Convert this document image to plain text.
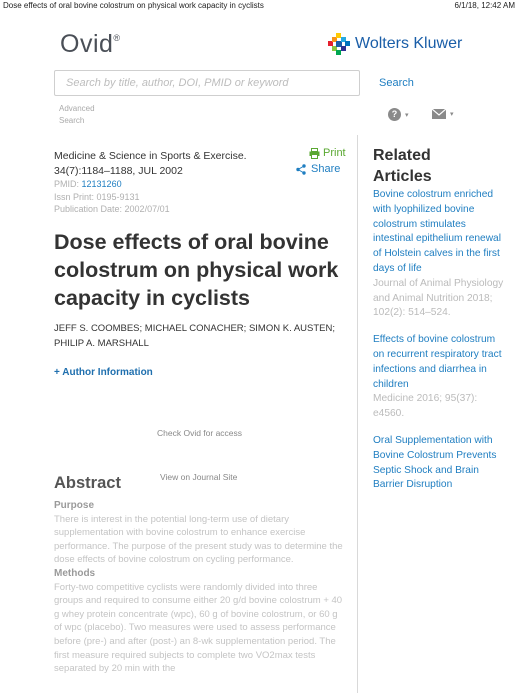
Dose effects of oral bovine colostrum on physical work capacity in cyclists	6/1/18, 12:42 AM
Ovid®	Wolters Kluwer
Search by title, author, DOI, PMID or keyword
Search
Advanced Search
?	▾	▾
Medicine & Science in Sports & Exercise. 34(7):1184–1188, JUL 2002
PMID: 12131260
Issn Print: 0195-9131
Publication Date: 2002/07/01
Print
Share
Dose effects of oral bovine colostrum on physical work capacity in cyclists
JEFF S. COOMBES; MICHAEL CONACHER; SIMON K. AUSTEN; PHILIP A. MARSHALL
+ Author Information
Check Ovid for access
Abstract	View on Journal Site
Purpose

There is interest in the potential long-term use of dietary supplementation with bovine colostrum to enhance exercise performance. The purpose of the present study was to determine the dose effects of bovine colostrum on cycling performance.

Methods

Forty-two competitive cyclists were randomly divided into three groups and required to consume either 20 g/d bovine colostrum + 40 g whey protein concentrate (wpc), 60 g of bovine colostrum, or 60 g of wpc (placebo). Two measures were used to assess performance before (pre-) and after (post-) an 8-wk supplementation period. The first measure required subjects to complete two VO2max tests separated by 20 min with the

Related Articles
Bovine colostrum enriched with lyophilized bovine colostrum stimulates intestinal epithelium renewal of Holstein calves in the first days of life
Journal of Animal Physiology and Animal Nutrition 2018; 102(2): 514–524.
Effects of bovine colostrum on recurrent respiratory tract infections and diarrhea in children
Medicine 2016; 95(37): e4560.
Oral Supplementation with Bovine Colostrum Prevents Septic Shock and Brain Barrier Disruption
